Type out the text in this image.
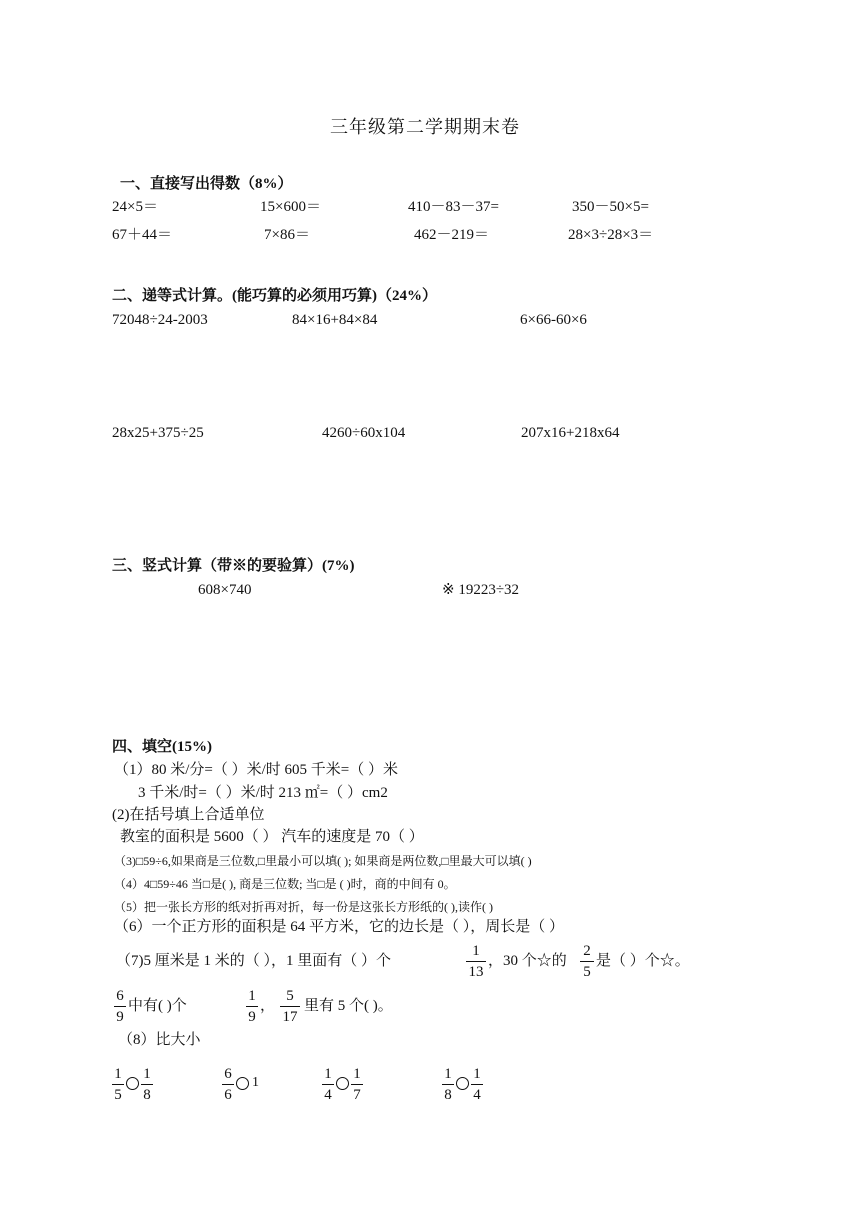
三年级第二学期期末卷
一、直接写出得数（8%）
24×5＝	15×600＝	410－83－37=	350－50×5=
67＋44＝	7×86＝	462－219＝	28×3÷28×3＝
二、递等式计算。(能巧算的必须用巧算)（24%）
72048÷24-2003	84×16+84×84	6×66-60×6
28x25+375÷25	4260÷60x104	207x16+218x64
三、竖式计算（带※的要验算）(7%)
608×740	※ 19223÷32
四、填空(15%)
（1）80 米/分=（ ）米/时 605 千米=（ ）米
3 千米/时=（ ）米/时 213 ㎡=（ ）cm2
(2)在括号填上合适单位
教室的面积是 5600（ ） 汽车的速度是 70（ ）
（3)□59÷6,如果商是三位数,□里最小可以填( ); 如果商是两位数,□里最大可以填( )
（4）4□59÷46 当□是( ), 商是三位数; 当□是 ( )时，商的中间有 0。
（5）把一张长方形的纸对折再对折，每一份是这张长方形纸的( ),读作( )
（6）一个正方形的面积是 64 平方米，它的边长是（ ），周长是（ ）
（7)5 厘米是 1 米的（ ），1 里面有（ ）个
1
13
，30 个☆的
2
5
是（ ）个☆。
6
9
中有( )个
1
9
，
5
17
里有 5 个( )。
（8）比大小
1
5
1
8
6
6
1
1
4
1
7
1
8
1
4
